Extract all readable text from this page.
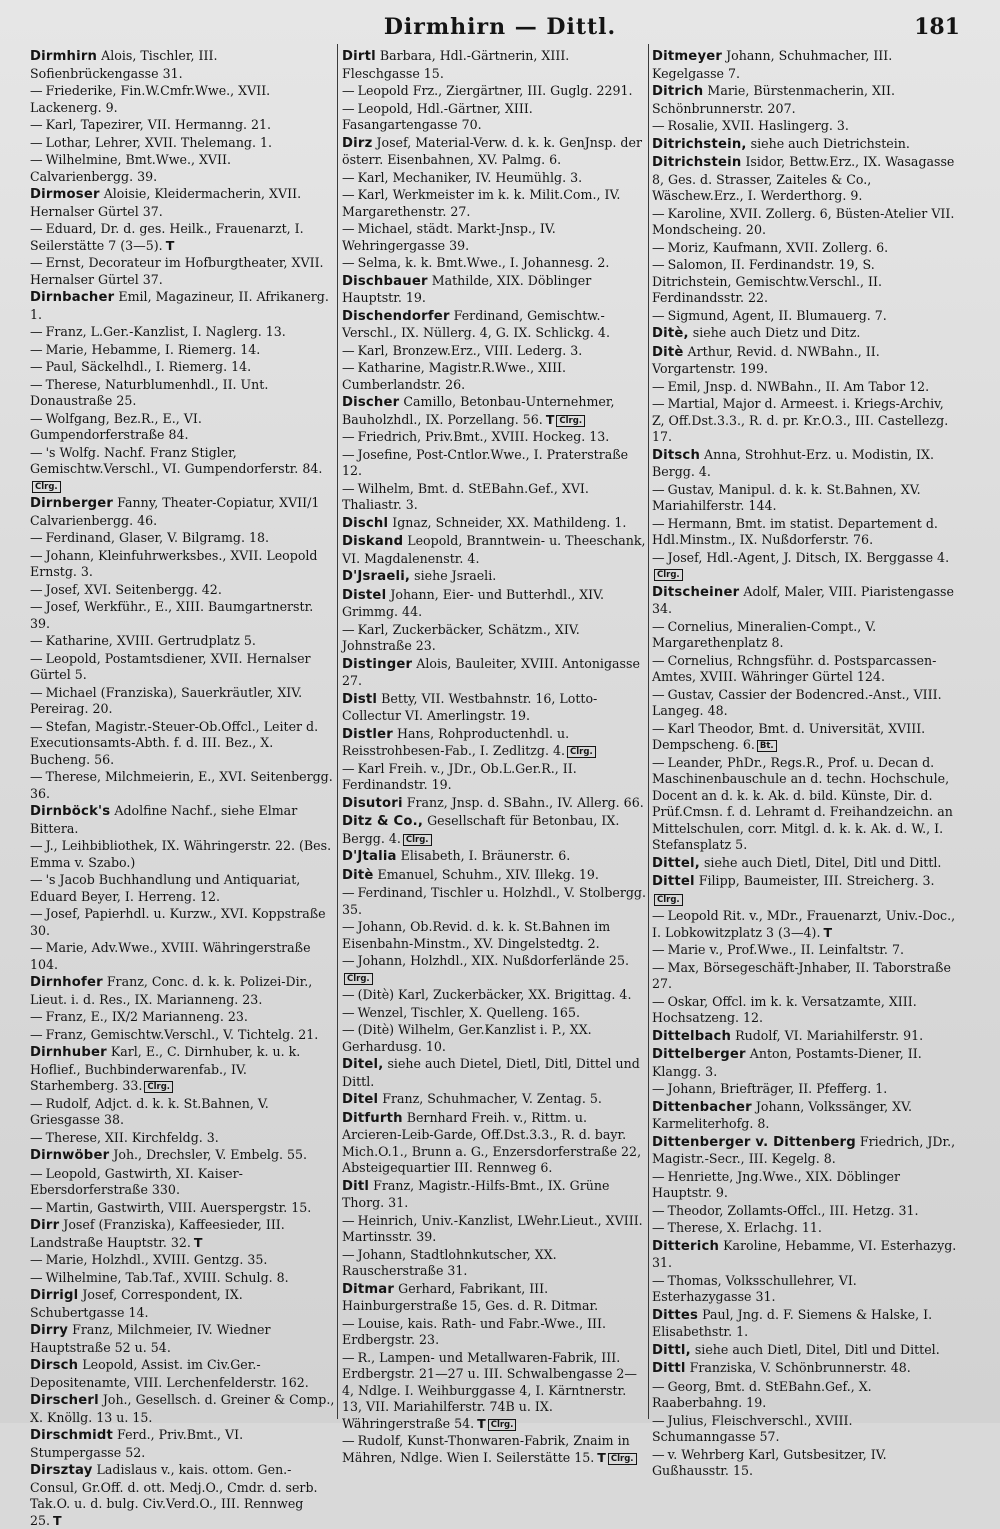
Dirmhirn — Dittl.	181
Dirmhirn Alois, Tischler, III. Sofienbrückengasse 31.
— Friederike, Fin.W.Cmfr.Wwe., XVII. Lackenerg. 9.
— Karl, Tapezirer, VII. Hermanng. 21.
— Lothar, Lehrer, XVII. Thelemang. 1.
— Wilhelmine, Bmt.Wwe., XVII. Calvarienbergg. 39.
Dirmoser Aloisie, Kleidermacherin, XVII. Hernalser Gürtel 37.
— Eduard, Dr. d. ges. Heilk., Frauenarzt, I. Seilerstätte 7 (3—5). T
— Ernst, Decorateur im Hofburgtheater, XVII. Hernalser Gürtel 37.
Dirnbacher Emil, Magazineur, II. Afrikanerg. 1.
— Franz, L.Ger.-Kanzlist, I. Naglerg. 13.
— Marie, Hebamme, I. Riemerg. 14.
— Paul, Säckelhdl., I. Riemerg. 14.
— Therese, Naturblumenhdl., II. Unt. Donaustraße 25.
— Wolfgang, Bez.R., E., VI. Gumpendorferstraße 84.
— 's Wolfg. Nachf. Franz Stigler, Gemischtw.Verschl., VI. Gumpendorferstr. 84.Clrg.
Dirnberger Fanny, Theater-Copiatur, XVII/1 Calvarienbergg. 46.
— Ferdinand, Glaser, V. Bilgramg. 18.
— Johann, Kleinfuhrwerksbes., XVII. Leopold Ernstg. 3.
— Josef, XVI. Seitenbergg. 42.
— Josef, Werkführ., E., XIII. Baumgartnerstr. 39.
— Katharine, XVIII. Gertrudplatz 5.
— Leopold, Postamtsdiener, XVII. Hernalser Gürtel 5.
— Michael (Franziska), Sauerkräutler, XIV. Pereirag. 20.
— Stefan, Magistr.-Steuer-Ob.Offcl., Leiter d. Executionsamts-Abth. f. d. III. Bez., X. Bucheng. 56.
— Therese, Milchmeierin, E., XVI. Seitenbergg. 36.
Dirnböck's Adolfine Nachf., siehe Elmar Bittera.
— J., Leihbibliothek, IX. Währingerstr. 22. (Bes. Emma v. Szabo.)
— 's Jacob Buchhandlung und Antiquariat, Eduard Beyer, I. Herreng. 12.
— Josef, Papierhdl. u. Kurzw., XVI. Koppstraße 30.
— Marie, Adv.Wwe., XVIII. Währingerstraße 104.
Dirnhofer Franz, Conc. d. k. k. Polizei-Dir., Lieut. i. d. Res., IX. Marianneng. 23.
— Franz, E., IX/2 Marianneng. 23.
— Franz, Gemischtw.Verschl., V. Tichtelg. 21.
Dirnhuber Karl, E., C. Dirnhuber, k. u. k. Hoflief., Buchbinderwarenfab., IV. Starhemberg. 33. Clrg.
— Rudolf, Adjct. d. k. k. St.Bahnen, V. Griesgasse 38.
— Therese, XII. Kirchfeldg. 3.
Dirnwöber Joh., Drechsler, V. Embelg. 55.
— Leopold, Gastwirth, XI. Kaiser-Ebersdorferstraße 330.
— Martin, Gastwirth, VIII. Auerspergstr. 15.
Dirr Josef (Franziska), Kaffeesieder, III. Landstraße Hauptstr. 32. T
— Marie, Holzhdl., XVIII. Gentzg. 35.
— Wilhelmine, Tab.Taf., XVIII. Schulg. 8.
Dirrigl Josef, Correspondent, IX. Schubertgasse 14.
Dirry Franz, Milchmeier, IV. Wiedner Hauptstraße 52 u. 54.
Dirsch Leopold, Assist. im Civ.Ger.-Depositenamte, VIII. Lerchenfelderstr. 162.
Dirscherl Joh., Gesellsch. d. Greiner & Comp., X. Knöllg. 13 u. 15.
Dirschmidt Ferd., Priv.Bmt., VI. Stumpergasse 52.
Dirsztay Ladislaus v., kais. ottom. Gen.-Consul, Gr.Off. d. ott. Medj.O., Cmdr. d. serb. Tak.O. u. d. bulg. Civ.Verd.O., III. Rennweg 25. T
Dirtl Barbara, Hdl.-Gärtnerin, XIII. Fleschgasse 15.
— Leopold Frz., Ziergärtner, III. Guglg. 2291.
— Leopold, Hdl.-Gärtner, XIII. Fasangartengasse 70.
Dirz Josef, Material-Verw. d. k. k. GenJnsp. der österr. Eisenbahnen, XV. Palmg. 6.
— Karl, Mechaniker, IV. Heumühlg. 3.
— Karl, Werkmeister im k. k. Milit.Com., IV. Margarethenstr. 27.
— Michael, städt. Markt-Jnsp., IV. Wehringergasse 39.
— Selma, k. k. Bmt.Wwe., I. Johannesg. 2.
Dischbauer Mathilde, XIX. Döblinger Hauptstr. 19.
Dischendorfer Ferdinand, Gemischtw.-Verschl., IX. Nüllerg. 4, G. IX. Schlickg. 4.
— Karl, Bronzew.Erz., VIII. Lederg. 3.
— Katharine, Magistr.R.Wwe., XIII. Cumberlandstr. 26.
Discher Camillo, Betonbau-Unternehmer, Bauholzhdl., IX. Porzellang. 56. T Clrg.
— Friedrich, Priv.Bmt., XVIII. Hockeg. 13.
— Josefine, Post-Cntlor.Wwe., I. Praterstraße 12.
— Wilhelm, Bmt. d. StEBahn.Gef., XVI. Thaliastr. 3.
Dischl Ignaz, Schneider, XX. Mathildeng. 1.
Diskand Leopold, Branntwein- u. Theeschank, VI. Magdalenenstr. 4.
D'Jsraeli, siehe Jsraeli.
Distel Johann, Eier- und Butterhdl., XIV. Grimmg. 44.
— Karl, Zuckerbäcker, Schätzm., XIV. Johnstraße 23.
Distinger Alois, Bauleiter, XVIII. Antonigasse 27.
Distl Betty, VII. Westbahnstr. 16, Lotto-Collectur VI. Amerlingstr. 19.
Distler Hans, Rohproductenhdl. u. Reisstrohbesen-Fab., I. Zedlitzg. 4. Clrg.
— Karl Freih. v., JDr., Ob.L.Ger.R., II. Ferdinandstr. 19.
Disutori Franz, Jnsp. d. SBahn., IV. Allerg. 66.
Ditz & Co., Gesellschaft für Betonbau, IX. Bergg. 4. Clrg.
D'Jtalia Elisabeth, I. Bräunerstr. 6.
Ditè Emanuel, Schuhm., XIV. Illekg. 19.
— Ferdinand, Tischler u. Holzhdl., V. Stolbergg. 35.
— Johann, Ob.Revid. d. k. k. St.Bahnen im Eisenbahn-Minstm., XV. Dingelstedtg. 2.
— Johann, Holzhdl., XIX. Nußdorferlände 25.Clrg.
— (Ditè) Karl, Zuckerbäcker, XX. Brigittag. 4.
— Wenzel, Tischler, X. Quelleng. 165.
— (Ditè) Wilhelm, Ger.Kanzlist i. P., XX. Gerhardusg. 10.
Ditel, siehe auch Dietel, Dietl, Ditl, Dittel und Dittl.
Ditel Franz, Schuhmacher, V. Zentag. 5.
Ditfurth Bernhard Freih. v., Rittm. u. Arcieren-Leib-Garde, Off.Dst.3.3., R. d. bayr. Mich.O.1., Brunn a. G., Enzersdorferstraße 22, Absteigequartier III. Rennweg 6.
Ditl Franz, Magistr.-Hilfs-Bmt., IX. Grüne Thorg. 31.
— Heinrich, Univ.-Kanzlist, LWehr.Lieut., XVIII. Martinsstr. 39.
— Johann, Stadtlohnkutscher, XX. Rauscherstraße 31.
Ditmar Gerhard, Fabrikant, III. Hainburgerstraße 15, Ges. d. R. Ditmar.
— Louise, kais. Rath- und Fabr.-Wwe., III. Erdbergstr. 23.
— R., Lampen- und Metallwaren-Fabrik, III. Erdbergstr. 21—27 u. III. Schwalbengasse 2—4, Ndlge. I. Weihburggasse 4, I. Kärntnerstr. 13, VII. Mariahilferstr. 74B u. IX. Währingerstraße 54. T Clrg.
— Rudolf, Kunst-Thonwaren-Fabrik, Znaim in Mähren, Ndlge. Wien I. Seilerstätte 15. T Clrg.
Ditmeyer Johann, Schuhmacher, III. Kegelgasse 7.
Ditrich Marie, Bürstenmacherin, XII. Schönbrunnerstr. 207.
— Rosalie, XVII. Haslingerg. 3.
Ditrichstein, siehe auch Dietrichstein.
Ditrichstein Isidor, Bettw.Erz., IX. Wasagasse 8, Ges. d. Strasser, Zaiteles & Co., Wäschew.Erz., I. Werderthorg. 9.
— Karoline, XVII. Zollerg. 6, Büsten-Atelier VII. Mondscheing. 20.
— Moriz, Kaufmann, XVII. Zollerg. 6.
— Salomon, II. Ferdinandstr. 19, S. Ditrichstein, Gemischtw.Verschl., II. Ferdinandsstr. 22.
— Sigmund, Agent, II. Blumauerg. 7.
Ditè, siehe auch Dietz und Ditz.
Ditè Arthur, Revid. d. NWBahn., II. Vorgartenstr. 199.
— Emil, Jnsp. d. NWBahn., II. Am Tabor 12.
— Martial, Major d. Armeest. i. Kriegs-Archiv, Z, Off.Dst.3.3., R. d. pr. Kr.O.3., III. Castellezg. 17.
Ditsch Anna, Strohhut-Erz. u. Modistin, IX. Bergg. 4.
— Gustav, Manipul. d. k. k. St.Bahnen, XV. Mariahilferstr. 144.
— Hermann, Bmt. im statist. Departement d. Hdl.Minstm., IX. Nußdorferstr. 76.
— Josef, Hdl.-Agent, J. Ditsch, IX. Berggasse 4.Clrg.
Ditscheiner Adolf, Maler, VIII. Piaristengasse 34.
— Cornelius, Mineralien-Compt., V. Margarethenplatz 8.
— Cornelius, Rchngsführ. d. Postsparcassen-Amtes, XVIII. Währinger Gürtel 124.
— Gustav, Cassier der Bodencred.-Anst., VIII. Langeg. 48.
— Karl Theodor, Bmt. d. Universität, XVIII. Dempscheng. 6. Bt.
— Leander, PhDr., Regs.R., Prof. u. Decan d. Maschinenbauschule an d. techn. Hochschule, Docent an d. k. k. Ak. d. bild. Künste, Dir. d. Prüf.Cmsn. f. d. Lehramt d. Freihandzeichn. an Mittelschulen, corr. Mitgl. d. k. k. Ak. d. W., I. Stefansplatz 5.
Dittel, siehe auch Dietl, Ditel, Ditl und Dittl.
Dittel Filipp, Baumeister, III. Streicherg. 3.Clrg.
— Leopold Rit. v., MDr., Frauenarzt, Univ.-Doc., I. Lobkowitzplatz 3 (3—4). T
— Marie v., Prof.Wwe., II. Leinfaltstr. 7.
— Max, Börsegeschäft-Jnhaber, II. Taborstraße 27.
— Oskar, Offcl. im k. k. Versatzamte, XIII. Hochsatzeng. 12.
Dittelbach Rudolf, VI. Mariahilferstr. 91.
Dittelberger Anton, Postamts-Diener, II. Klangg. 3.
— Johann, Briefträger, II. Pfefferg. 1.
Dittenbacher Johann, Volkssänger, XV. Karmeliterhofg. 8.
Dittenberger v. Dittenberg Friedrich, JDr., Magistr.-Secr., III. Kegelg. 8.
— Henriette, Jng.Wwe., XIX. Döblinger Hauptstr. 9.
— Theodor, Zollamts-Offcl., III. Hetzg. 31.
— Therese, X. Erlachg. 11.
Ditterich Karoline, Hebamme, VI. Esterhazyg. 31.
— Thomas, Volksschullehrer, VI. Esterhazygasse 31.
Dittes Paul, Jng. d. F. Siemens & Halske, I. Elisabethstr. 1.
Dittl, siehe auch Dietl, Ditel, Ditl und Dittel.
Dittl Franziska, V. Schönbrunnerstr. 48.
— Georg, Bmt. d. StEBahn.Gef., X. Raaberbahng. 19.
— Julius, Fleischverschl., XVIII. Schumanngasse 57.
— v. Wehrberg Karl, Gutsbesitzer, IV. Gußhausstr. 15.
